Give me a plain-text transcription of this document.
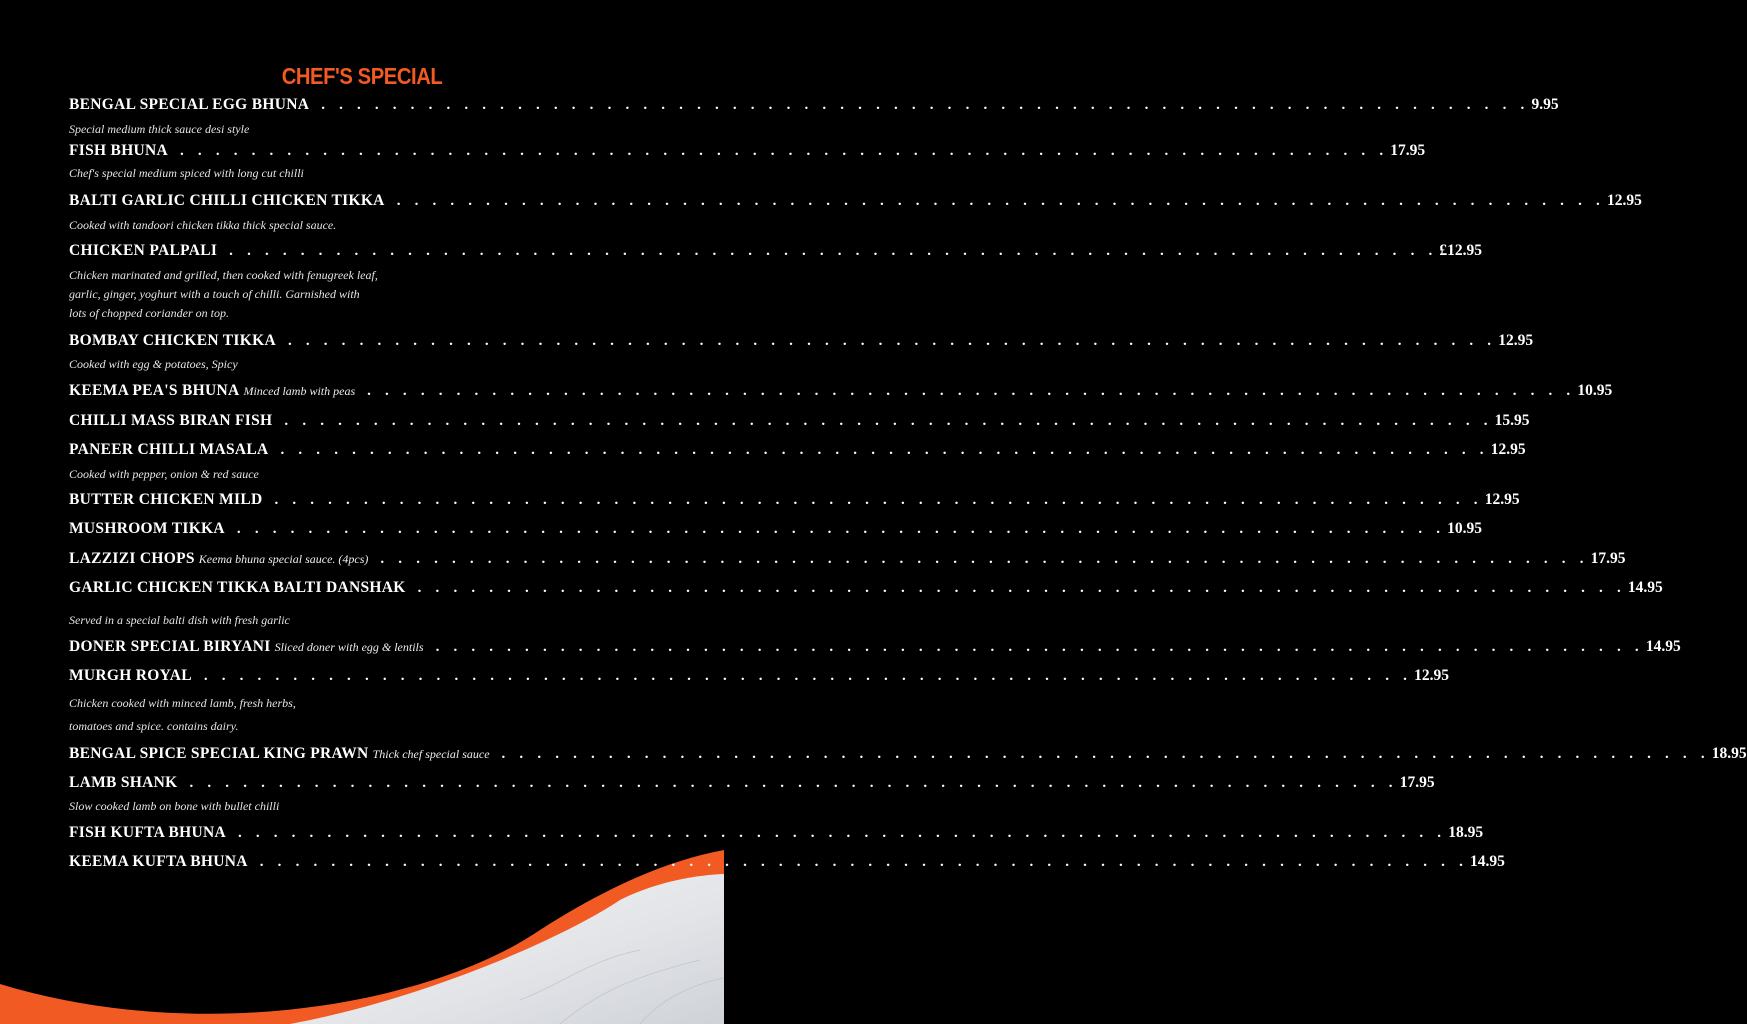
CHEF'S SPECIAL
BENGAL SPECIAL EGG BHUNA . . . . . . . . . . . . . . . . . . . . . . . . . . . . . . . . . . . . . . . . . . . . . . . . . . . . . . . . . . . . . . . . . . . . 9.95
Special medium thick sauce desi style
FISH BHUNA . . . . . . . . . . . . . . . . . . . . . . . . . . . . . . . . . . . . . . . . . . . . . . . . . . . . . . . . . . . . . . . . . . . . 17.95
Chef's special medium spiced with long cut chilli
BALTI GARLIC CHILLI CHICKEN TIKKA . . . . . . . . . . . . . . . . . . . . . . . . . . . . . . . . . . . . . . . . . . . . . . . . . . . . . . . . . . . . . . . . . . . . 12.95
Cooked with tandoori chicken tikka thick special sauce.
CHICKEN PALPALI . . . . . . . . . . . . . . . . . . . . . . . . . . . . . . . . . . . . . . . . . . . . . . . . . . . . . . . . . . . . . . . . . . . . £12.95
Chicken marinated and grilled, then cooked with fenugreek leaf,
garlic, ginger, yoghurt with a touch of chilli. Garnished with
lots of chopped coriander on top.
BOMBAY CHICKEN TIKKA . . . . . . . . . . . . . . . . . . . . . . . . . . . . . . . . . . . . . . . . . . . . . . . . . . . . . . . . . . . . . . . . . . . . 12.95
Cooked with egg & potatoes, Spicy
KEEMA PEA'S BHUNA Minced lamb with peas . . . . . . . . . . . . . . . . . . . . . . . . . . . . . . . . . . . . . . . . . . . . . . . . . . . . . . . . . . . . . . . . . . . . 10.95
CHILLI MASS BIRAN FISH . . . . . . . . . . . . . . . . . . . . . . . . . . . . . . . . . . . . . . . . . . . . . . . . . . . . . . . . . . . . . . . . . . . . 15.95
PANEER CHILLI MASALA . . . . . . . . . . . . . . . . . . . . . . . . . . . . . . . . . . . . . . . . . . . . . . . . . . . . . . . . . . . . . . . . . . . . 12.95
Cooked with pepper, onion & red sauce
BUTTER CHICKEN MILD . . . . . . . . . . . . . . . . . . . . . . . . . . . . . . . . . . . . . . . . . . . . . . . . . . . . . . . . . . . . . . . . . . . . 12.95
MUSHROOM TIKKA . . . . . . . . . . . . . . . . . . . . . . . . . . . . . . . . . . . . . . . . . . . . . . . . . . . . . . . . . . . . . . . . . . . . 10.95
LAZZIZI CHOPS Keema bhuna special sauce. (4pcs) . . . . . . . . . . . . . . . . . . . . . . . . . . . . . . . . . . . . . . . . . . . . . . . . . . . . . . . . . . . . . . . . . . . . 17.95
GARLIC CHICKEN TIKKA BALTI DANSHAK . . . . . . . . . . . . . . . . . . . . . . . . . . . . . . . . . . . . . . . . . . . . . . . . . . . . . . . . . . . . . . . . . . . . 14.95
Served in a special balti dish with fresh garlic
DONER SPECIAL BIRYANI Sliced doner with egg & lentils . . . . . . . . . . . . . . . . . . . . . . . . . . . . . . . . . . . . . . . . . . . . . . . . . . . . . . . . . . . . . . . . . . . . 14.95
MURGH ROYAL . . . . . . . . . . . . . . . . . . . . . . . . . . . . . . . . . . . . . . . . . . . . . . . . . . . . . . . . . . . . . . . . . . . . 12.95
Chicken cooked with minced lamb, fresh herbs,
tomatoes and spice. contains dairy.
BENGAL SPICE SPECIAL KING PRAWN Thick chef special sauce . . . . . . . . . . . . . . . . . . . . . . . . . . . . . . . . . . . . . . . . . . . . . . . . . . . . . . . . . . . . . . . . . . . . 18.95
LAMB SHANK . . . . . . . . . . . . . . . . . . . . . . . . . . . . . . . . . . . . . . . . . . . . . . . . . . . . . . . . . . . . . . . . . . . . 17.95
Slow cooked lamb on bone with bullet chilli
FISH KUFTA BHUNA . . . . . . . . . . . . . . . . . . . . . . . . . . . . . . . . . . . . . . . . . . . . . . . . . . . . . . . . . . . . . . . . . . . . 18.95
KEEMA KUFTA BHUNA . . . . . . . . . . . . . . . . . . . . . . . . . . . . . . . . . . . . . . . . . . . . . . . . . . . . . . . . . . . . . . . . . . . . 14.95
